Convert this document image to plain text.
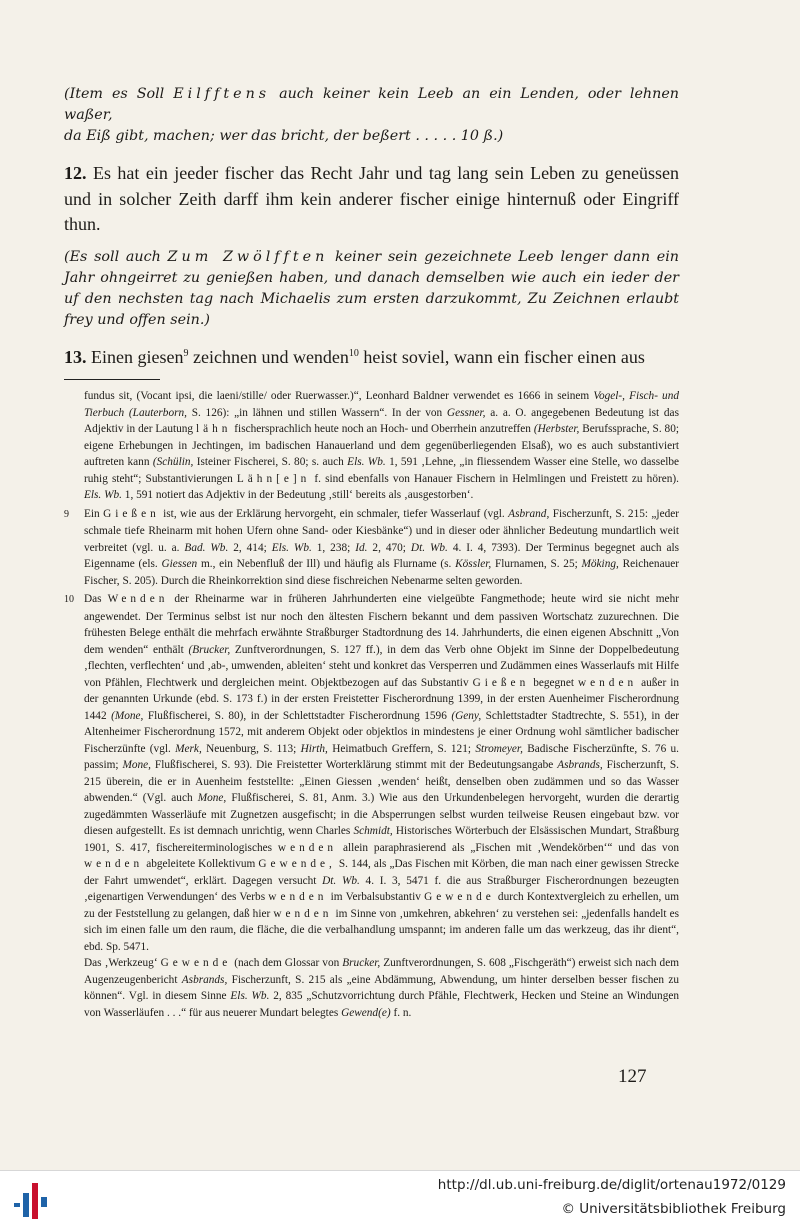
(Item es Soll Eilfftens auch keiner kein Leeb an ein Lenden, oder lehnen waßer,
da Eiß gibt, machen; wer das bricht, der beßert . . . . . 10 ß.)

12. Es hat ein jeeder fischer das Recht Jahr und tag lang sein Leben zu geneüssen und in solcher Zeith darff ihm kein anderer fischer einige hinternuß oder Eingriff thun.

(Es soll auch Zum Zwölfften keiner sein gezeichnete Leeb lenger dann ein Jahr ohngeirret zu genießen haben, und danach demselben wie auch ein ieder der uf den nechsten tag nach Michaelis zum ersten darzukommt, Zu Zeichnen erlaubt frey und offen sein.)

13. Einen giesen$^9$ zeichnen und wenden$^{10}$ heist soviel, wann ein fischer einen aus

fundus sit, (Vocant ipsi, die laeni/stille/ oder Ruerwasser.)“, Leonhard Baldner verwendet es 1666 in seinem Vogel-, Fisch- und Tierbuch (Lauterborn, S. 126): „in lähnen und stillen Wassern“. In der von Gessner, a. a. O. angegebenen Bedeutung ist das Adjektiv in der Lautung lähn fischersprachlich heute noch an Hoch- und Oberrhein anzutreffen (Herbster, Berufssprache, S. 80; eigene Erhebungen in Jechtingen, im badischen Hanauerland und dem gegenüberliegenden Elsaß), wo es auch substantiviert auftreten kann (Schülin, Isteiner Fischerei, S. 80; s. auch Els. Wb. 1, 591 ‚Lehne, „in fliessendem Wasser eine Stelle, wo dasselbe ruhig steht“; Substantivierungen Lähn[e]n f. sind ebenfalls von Hanauer Fischern in Helmlingen und Freistett zu hören). Els. Wb. 1, 591 notiert das Adjektiv in der Bedeutung ‚still‘ bereits als ‚ausgestorben‘.

9 Ein Gießen ist, wie aus der Erklärung hervorgeht, ein schmaler, tiefer Wasserlauf (vgl. Asbrand, Fischerzunft, S. 215: „jeder schmale tiefe Rheinarm mit hohen Ufern ohne Sand- oder Kiesbänke“) und in dieser oder ähnlicher Bedeutung mundartlich weit verbreitet (vgl. u. a. Bad. Wb. 2, 414; Els. Wb. 1, 238; Id. 2, 470; Dt. Wb. 4. I. 4, 7393). Der Terminus begegnet auch als Eigenname (els. Giessen m., ein Nebenfluß der Ill) und häufig als Flurname (s. Kössler, Flurnamen, S. 25; Möking, Reichenauer Fischer, S. 205). Durch die Rheinkorrektion sind diese fischreichen Nebenarme selten geworden.

10 Das Wenden der Rheinarme war in früheren Jahrhunderten eine vielgeübte Fangmethode; heute wird sie nicht mehr angewendet. Der Terminus selbst ist nur noch den ältesten Fischern bekannt und dem passiven Wortschatz zuzurechnen. Die frühesten Belege enthält die mehrfach erwähnte Straßburger Stadtordnung des 14. Jahrhunderts, die einen eigenen Abschnitt „Von dem wenden“ enthält (Brucker, Zunftverordnungen, S. 127 ff.), in dem das Verb ohne Objekt im Sinne der Doppelbedeutung ‚flechten, verflechten‘ und ‚ab-, umwenden, ableiten‘ steht und konkret das Versperren und Zudämmen eines Wasserlaufs mit Hilfe von Pfählen, Flechtwerk und dergleichen meint. Objektbezogen auf das Substantiv Gießen begegnet wenden außer in der genannten Urkunde (ebd. S. 173 f.) in der ersten Freistetter Fischerordnung 1399, in der ersten Auenheimer Fischerordnung 1442 (Mone, Flußfischerei, S. 80), in der Schlettstadter Fischerordnung 1596 (Geny, Schlettstadter Stadtrechte, S. 551), in der Altenheimer Fischerordnung 1572, mit anderem Objekt oder objektlos in mindestens je einer Ordnung wohl sämtlicher badischer Fischerzünfte (vgl. Merk, Neuenburg, S. 113; Hirth, Heimatbuch Greffern, S. 121; Stromeyer, Badische Fischerzünfte, S. 76 u. passim; Mone, Flußfischerei, S. 93). Die Freistetter Worterklärung stimmt mit der Bedeutungsangabe Asbrands, Fischerzunft, S. 215 überein, die er in Auenheim feststellte: „Einen Giessen ‚wenden‘ heißt, denselben oben zudämmen und so das Wasser abwenden.“ (Vgl. auch Mone, Flußfischerei, S. 81, Anm. 3.) Wie aus den Urkundenbelegen hervorgeht, wurden die derartig zugedämmten Wasserläufe mit Zugnetzen ausgefischt; in die Absperrungen selbst wurden teilweise Reusen eingebaut bzw. vor diesen aufgestellt. Es ist demnach unrichtig, wenn Charles Schmidt, Historisches Wörterbuch der Elsässischen Mundart, Straßburg 1901, S. 417, fischereiterminologisches wenden allein paraphrasierend als „Fischen mit ‚Wendekörben‘“ und das von wenden abgeleitete Kollektivum Gewende, S. 144, als „Das Fischen mit Körben, die man nach einer gewissen Strecke der Fahrt umwendet“, erklärt. Dagegen versucht Dt. Wb. 4. I. 3, 5471 f. die aus Straßburger Fischerordnungen bezeugten ‚eigenartigen Verwendungen‘ des Verbs wenden im Verbalsubstantiv Gewende durch Kontextvergleich zu erhellen, um zu der Feststellung zu gelangen, daß hier wenden im Sinne von ‚umkehren, abkehren‘ zu verstehen sei: „jedenfalls handelt es sich im einen falle um den raum, die fläche, die die verbalhandlung umspannt; im anderen falle um das werkzeug, das ihr dient“, ebd. Sp. 5471.

Das ‚Werkzeug‘ Gewende (nach dem Glossar von Brucker, Zunftverordnungen, S. 608 „Fischgeräth“) erweist sich nach dem Augenzeugenbericht Asbrands, Fischerzunft, S. 215 als „eine Abdämmung, Abwendung, um hinter derselben besser fischen zu können“. Vgl. in diesem Sinne Els. Wb. 2, 835 „Schutzvorrichtung durch Pfähle, Flechtwerk, Hecken und Steine an Windungen von Wasserläufen . . .“ für aus neuerer Mundart belegtes Gewend(e) f. n.

127
http://dl.ub.uni-freiburg.de/diglit/ortenau1972/0129
© Universitätsbibliothek Freiburg
